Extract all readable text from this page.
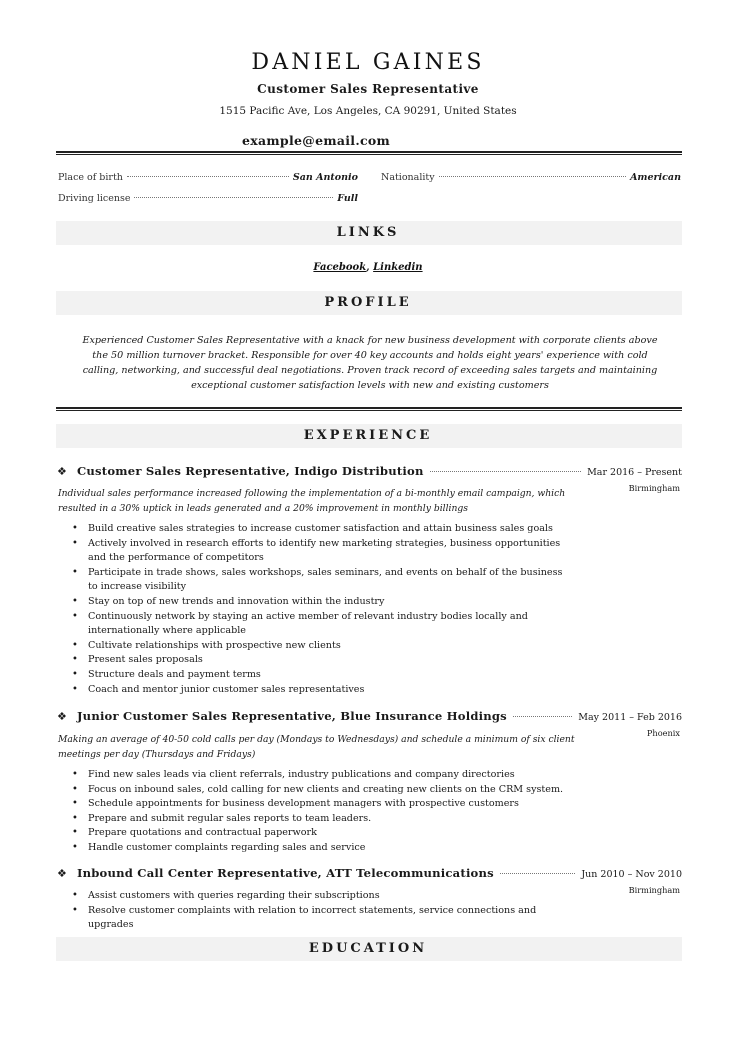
DANIEL GAINES
Customer Sales Representative
1515 Pacific Ave, Los Angeles, CA 90291, United States
example@email.com
Place of birth	San Antonio Nationality	American
Driving license	Full
LINKS
Facebook, Linkedin
PROFILE
Experienced Customer Sales Representative with a knack for new business development with corporate clients above the 50 million turnover bracket. Responsible for over 40 key accounts and holds eight years' experience with cold calling, networking, and successful deal negotiations. Proven track record of exceeding sales targets and maintaining exceptional customer satisfaction levels with new and existing customers
EXPERIENCE
❖ Customer Sales Representative, Indigo Distribution	Mar 2016 – Present
Birmingham
Individual sales performance increased following the implementation of a bi-monthly email campaign, which resulted in a 30% uptick in leads generated and a 20% improvement in monthly billings
• Build creative sales strategies to increase customer satisfaction and attain business sales goals
• Actively involved in research efforts to identify new marketing strategies, business opportunities and the performance of competitors
• Participate in trade shows, sales workshops, sales seminars, and events on behalf of the business to increase visibility
• Stay on top of new trends and innovation within the industry
• Continuously network by staying an active member of relevant industry bodies locally and internationally where applicable
• Cultivate relationships with prospective new clients
• Present sales proposals
• Structure deals and payment terms
• Coach and mentor junior customer sales representatives
❖ Junior Customer Sales Representative, Blue Insurance Holdings	May 2011 – Feb 2016
Phoenix
Making an average of 40-50 cold calls per day (Mondays to Wednesdays) and schedule a minimum of six client meetings per day (Thursdays and Fridays)
• Find new sales leads via client referrals, industry publications and company directories
• Focus on inbound sales, cold calling for new clients and creating new clients on the CRM system.
• Schedule appointments for business development managers with prospective customers
• Prepare and submit regular sales reports to team leaders.
• Prepare quotations and contractual paperwork
• Handle customer complaints regarding sales and service
❖ Inbound Call Center Representative, ATT Telecommunications	Jun 2010 – Nov 2010
Birmingham
• Assist customers with queries regarding their subscriptions
• Resolve customer complaints with relation to incorrect statements, service connections and upgrades
EDUCATION
